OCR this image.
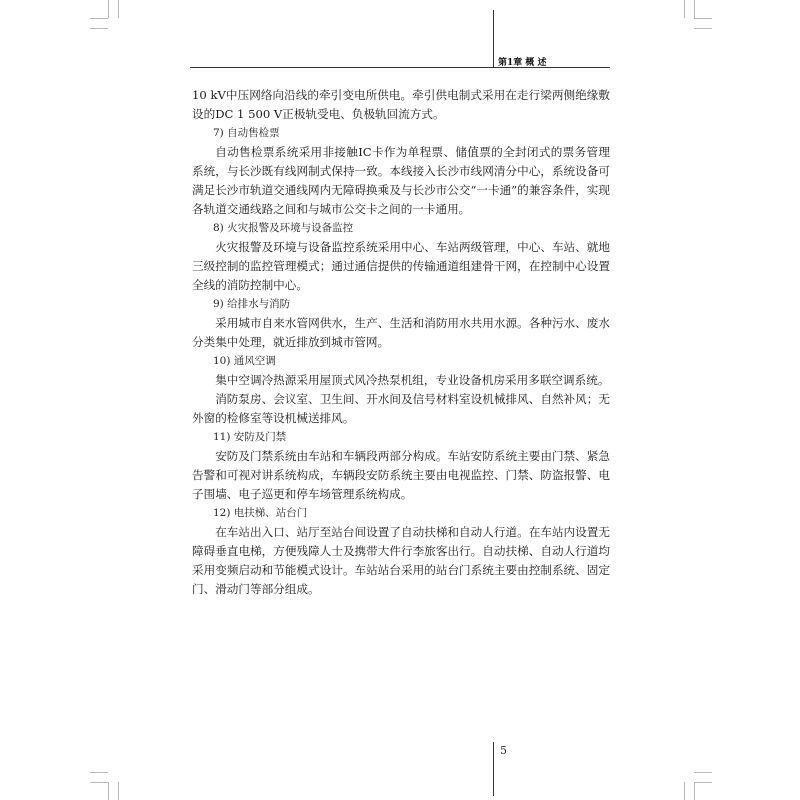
第1章 概 述

10 kV中压网络向沿线的牵引变电所供电。牵引供电制式采用在走行梁两侧绝缘敷设的DC 1 500 V正极轨受电、负极轨回流方式。

7) 自动售检票

自动售检票系统采用非接触IC卡作为单程票、储值票的全封闭式的票务管理系统，与长沙既有线网制式保持一致。本线接入长沙市线网清分中心，系统设备可满足长沙市轨道交通线网内无障碍换乘及与长沙市公交“一卡通”的兼容条件，实现各轨道交通线路之间和与城市公交卡之间的一卡通用。

8) 火灾报警及环境与设备监控

火灾报警及环境与设备监控系统采用中心、车站两级管理，中心、车站、就地三级控制的监控管理模式；通过通信提供的传输通道组建骨干网，在控制中心设置全线的消防控制中心。

9) 给排水与消防

采用城市自来水管网供水，生产、生活和消防用水共用水源。各种污水、废水分类集中处理，就近排放到城市管网。

10) 通风空调

集中空调冷热源采用屋顶式风冷热泵机组，专业设备机房采用多联空调系统。

消防泵房、会议室、卫生间、开水间及信号材料室设机械排风、自然补风；无外窗的检修室等设机械送排风。

11) 安防及门禁

安防及门禁系统由车站和车辆段两部分构成。车站安防系统主要由门禁、紧急告警和可视对讲系统构成，车辆段安防系统主要由电视监控、门禁、防盗报警、电子围墙、电子巡更和停车场管理系统构成。

12) 电扶梯、站台门

在车站出入口、站厅至站台间设置了自动扶梯和自动人行道。在车站内设置无障碍垂直电梯，方便残障人士及携带大件行李旅客出行。自动扶梯、自动人行道均采用变频启动和节能模式设计。车站站台采用的站台门系统主要由控制系统、固定门、滑动门等部分组成。

5
